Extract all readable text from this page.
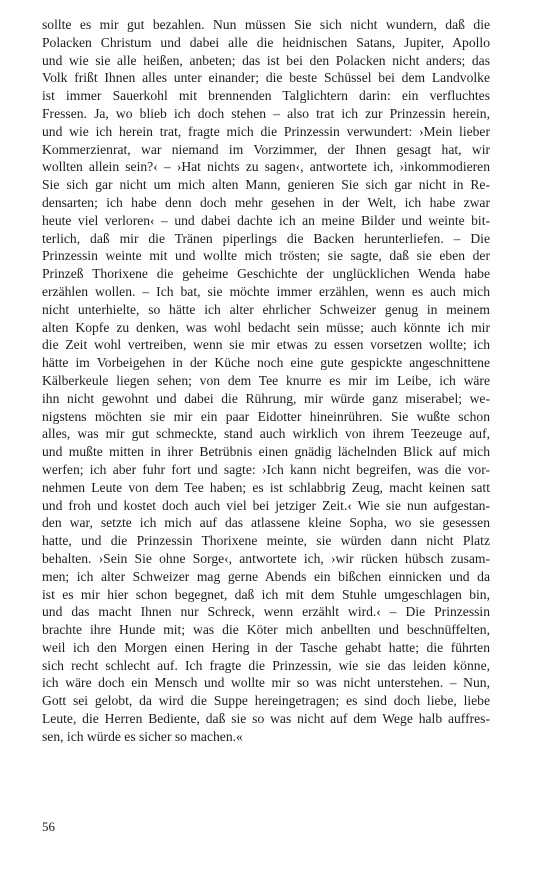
sollte es mir gut bezahlen. Nun müssen Sie sich nicht wundern, daß die
Polacken Christum und dabei alle die heidnischen Satans, Jupiter, Apollo
und wie sie alle heißen, anbeten; das ist bei den Polacken nicht anders; das
Volk frißt Ihnen alles unter einander; die beste Schüssel bei dem Landvolke
ist immer Sauerkohl mit brennenden Talglichtern darin: ein verfluchtes
Fressen. Ja, wo blieb ich doch stehen – also trat ich zur Prinzessin herein,
und wie ich herein trat, fragte mich die Prinzessin verwundert: ›Mein lieber
Kommerzienrat, war niemand im Vorzimmer, der Ihnen gesagt hat, wir
wollten allein sein?‹ – ›Hat nichts zu sagen‹, antwortete ich, ›inkommodieren
Sie sich gar nicht um mich alten Mann, genieren Sie sich gar nicht in Re-
densarten; ich habe denn doch mehr gesehen in der Welt, ich habe zwar
heute viel verloren‹ – und dabei dachte ich an meine Bilder und weinte bit-
terlich, daß mir die Tränen piperlings die Backen herunterliefen. – Die
Prinzessin weinte mit und wollte mich trösten; sie sagte, daß sie eben der
Prinzeß Thorixene die geheime Geschichte der unglücklichen Wenda habe
erzählen wollen. – Ich bat, sie möchte immer erzählen, wenn es auch mich
nicht unterhielte, so hätte ich alter ehrlicher Schweizer genug in meinem
alten Kopfe zu denken, was wohl bedacht sein müsse; auch könnte ich mir
die Zeit wohl vertreiben, wenn sie mir etwas zu essen vorsetzen wollte; ich
hätte im Vorbeigehen in der Küche noch eine gute gespickte angeschnittene
Kälberkeule liegen sehen; von dem Tee knurre es mir im Leibe, ich wäre
ihn nicht gewohnt und dabei die Rührung, mir würde ganz miserabel; we-
nigstens möchten sie mir ein paar Eidotter hineinrühren. Sie wußte schon
alles, was mir gut schmeckte, stand auch wirklich von ihrem Teezeuge auf,
und mußte mitten in ihrer Betrübnis einen gnädig lächelnden Blick auf mich
werfen; ich aber fuhr fort und sagte: ›Ich kann nicht begreifen, was die vor-
nehmen Leute von dem Tee haben; es ist schlabbrig Zeug, macht keinen satt
und froh und kostet doch auch viel bei jetziger Zeit.‹ Wie sie nun aufgestan-
den war, setzte ich mich auf das atlassene kleine Sopha, wo sie gesessen
hatte, und die Prinzessin Thorixene meinte, sie würden dann nicht Platz
behalten. ›Sein Sie ohne Sorge‹, antwortete ich, ›wir rücken hübsch zusam-
men; ich alter Schweizer mag gerne Abends ein bißchen einnicken und da
ist es mir hier schon begegnet, daß ich mit dem Stuhle umgeschlagen bin,
und das macht Ihnen nur Schreck, wenn erzählt wird.‹ – Die Prinzessin
brachte ihre Hunde mit; was die Köter mich anbellten und beschnüffelten,
weil ich den Morgen einen Hering in der Tasche gehabt hatte; die führten
sich recht schlecht auf. Ich fragte die Prinzessin, wie sie das leiden könne,
ich wäre doch ein Mensch und wollte mir so was nicht unterstehen. – Nun,
Gott sei gelobt, da wird die Suppe hereingetragen; es sind doch liebe, liebe
Leute, die Herren Bediente, daß sie so was nicht auf dem Wege halb auffres-
sen, ich würde es sicher so machen.«
56
